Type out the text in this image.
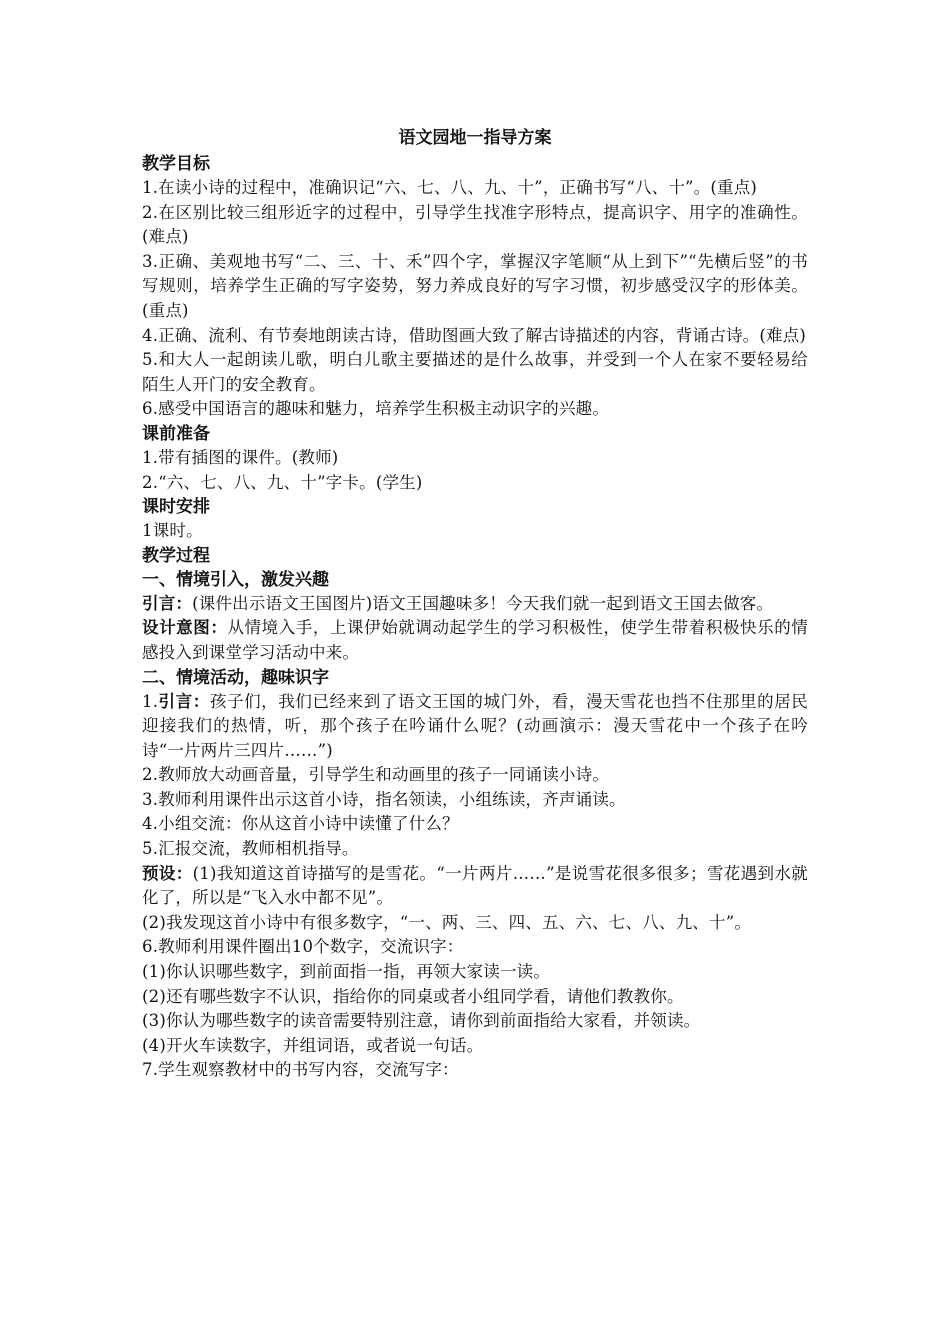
语文园地一指导方案
教学目标

1.在读小诗的过程中，准确识记“六、七、八、九、十”，正确书写“八、十”。(重点)

2.在区别比较三组形近字的过程中，引导学生找准字形特点，提高识字、用字的准确性。(难点)

3.正确、美观地书写“二、三、十、禾”四个字，掌握汉字笔顺“从上到下”“先横后竖”的书写规则，培养学生正确的写字姿势，努力养成良好的写字习惯，初步感受汉字的形体美。(重点)

4.正确、流利、有节奏地朗读古诗，借助图画大致了解古诗描述的内容，背诵古诗。(难点)

5.和大人一起朗读儿歌，明白儿歌主要描述的是什么故事，并受到一个人在家不要轻易给陌生人开门的安全教育。

6.感受中国语言的趣味和魅力，培养学生积极主动识字的兴趣。

课前准备

1.带有插图的课件。(教师)

2.“六、七、八、九、十”字卡。(学生)

课时安排

1课时。

教学过程
一、情境引入，激发兴趣

引言：(课件出示语文王国图片)语文王国趣味多！今天我们就一起到语文王国去做客。

设计意图：从情境入手，上课伊始就调动起学生的学习积极性，使学生带着积极快乐的情感投入到课堂学习活动中来。

二、情境活动，趣味识字

1.引言：孩子们，我们已经来到了语文王国的城门外，看，漫天雪花也挡不住那里的居民迎接我们的热情，听，那个孩子在吟诵什么呢？(动画演示：漫天雪花中一个孩子在吟诗“一片两片三四片……”)

2.教师放大动画音量，引导学生和动画里的孩子一同诵读小诗。

3.教师利用课件出示这首小诗，指名领读，小组练读，齐声诵读。

4.小组交流：你从这首小诗中读懂了什么？

5.汇报交流，教师相机指导。

预设：(1)我知道这首诗描写的是雪花。“一片两片……”是说雪花很多很多；雪花遇到水就化了，所以是“飞入水中都不见”。

(2)我发现这首小诗中有很多数字，“一、两、三、四、五、六、七、八、九、十”。

6.教师利用课件圈出10个数字，交流识字：

(1)你认识哪些数字，到前面指一指，再领大家读一读。

(2)还有哪些数字不认识，指给你的同桌或者小组同学看，请他们教教你。

(3)你认为哪些数字的读音需要特别注意，请你到前面指给大家看，并领读。

(4)开火车读数字，并组词语，或者说一句话。

7.学生观察教材中的书写内容，交流写字：
